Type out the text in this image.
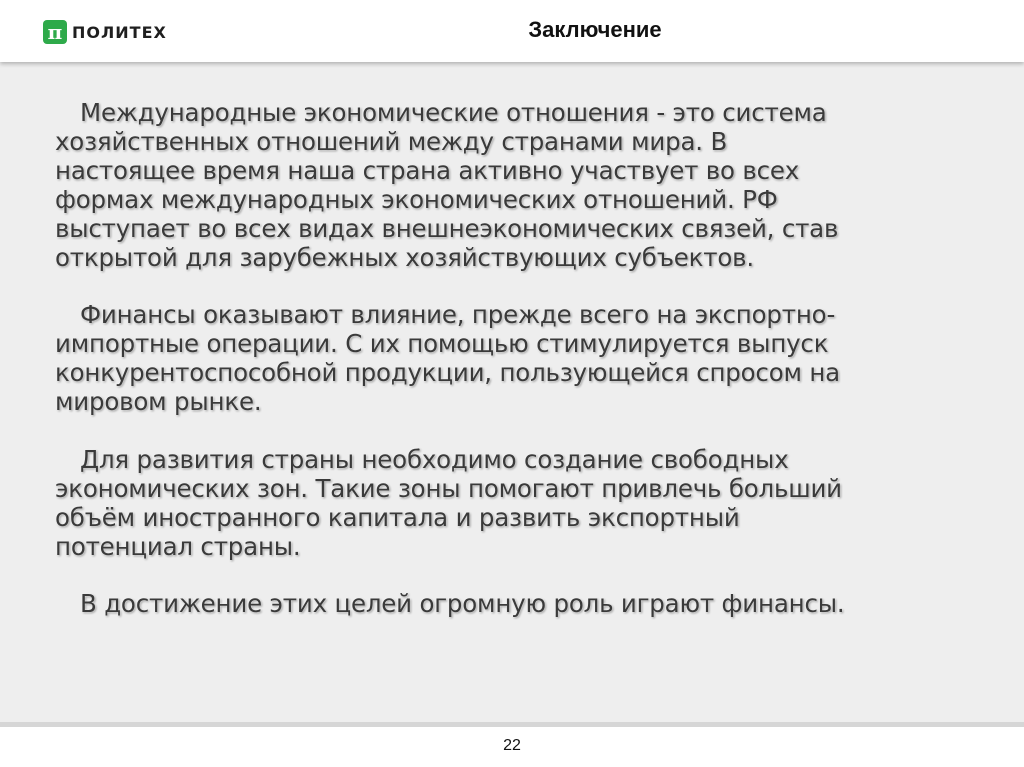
π ПОЛИТЕХ	Заключение
Международные экономические отношения - это система
хозяйственных отношений между странами мира. В
настоящее время наша страна активно участвует во всех
формах международных экономических отношений. РФ
выступает во всех видах внешнеэкономических связей, став
открытой для зарубежных хозяйствующих субъектов.
Финансы оказывают влияние, прежде всего на экспортно-
импортные операции. С их помощью стимулируется выпуск
конкурентоспособной продукции, пользующейся спросом на
мировом рынке.
Для развития страны необходимо создание свободных
экономических зон. Такие зоны помогают привлечь больший
объём иностранного капитала и развить экспортный
потенциал страны.
В достижение этих целей огромную роль играют финансы.
22
